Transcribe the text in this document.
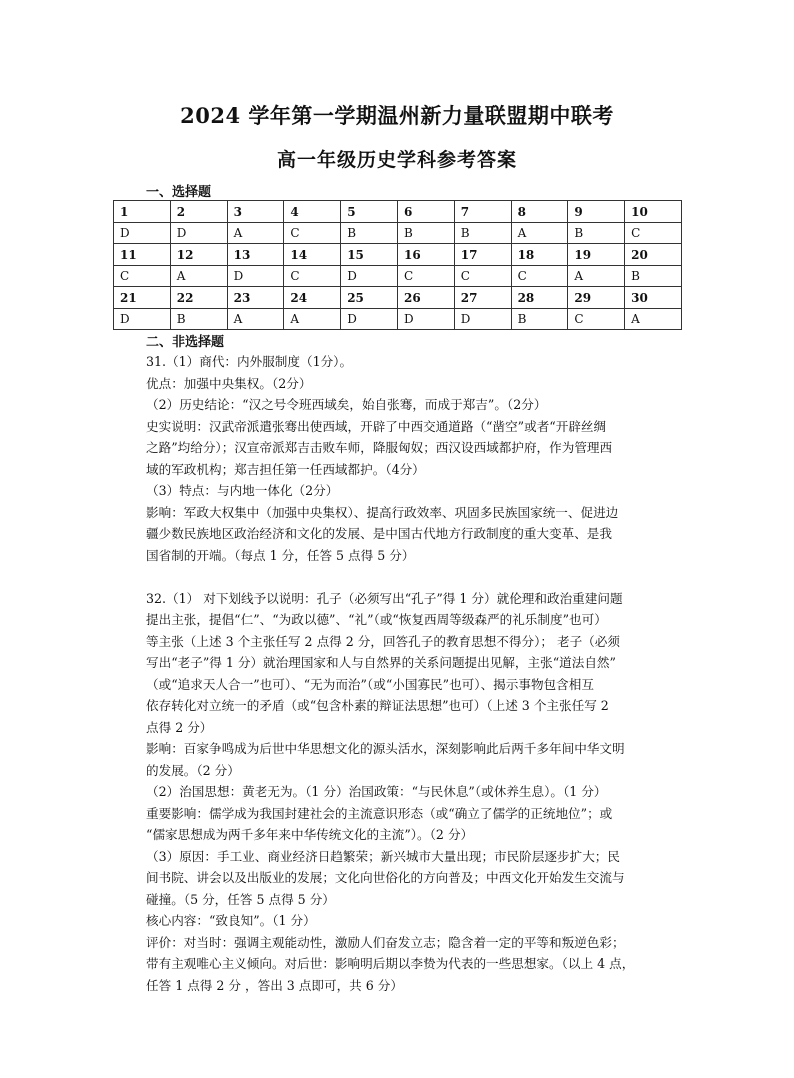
2024 学年第一学期温州新力量联盟期中联考
高一年级历史学科参考答案
一、选择题
1	2	3	4	5	6	7	8	9	10
D	D	A	C	B	B	B	A	B	C
11	12	13	14	15	16	17	18	19	20
C	A	D	C	D	C	C	C	A	B
21	22	23	24	25	26	27	28	29	30
D	B	A	A	D	D	D	B	C	A
二、非选择题

31.（1）商代：内外服制度（1分）。

优点：加强中央集权。（2分）

（2）历史结论：“汉之号令班西域矣，始自张骞，而成于郑吉”。（2分）

史实说明：汉武帝派遣张骞出使西域，开辟了中西交通道路（“凿空”或者“开辟丝绸

之路”均给分）；汉宣帝派郑吉击败车师，降服匈奴；西汉设西域都护府，作为管理西

域的军政机构；郑吉担任第一任西域都护。（4分）

（3）特点：与内地一体化（2分）

影响：军政大权集中（加强中央集权）、提高行政效率、巩固多民族国家统一、促进边

疆少数民族地区政治经济和文化的发展、是中国古代地方行政制度的重大变革、是我

国省制的开端。（每点 1 分，任答 5 点得 5 分）

32.（1） 对下划线予以说明：孔子（必须写出“孔子”得 1 分）就伦理和政治重建问题

提出主张，提倡“仁”、“为政以德”、“礼”（或“恢复西周等级森严的礼乐制度”也可）

等主张（上述 3 个主张任写 2 点得 2 分，回答孔子的教育思想不得分）； 老子（必须

写出“老子”得 1 分）就治理国家和人与自然界的关系问题提出见解，主张“道法自然”

（或“追求天人合一”也可）、“无为而治”（或“小国寡民”也可）、揭示事物包含相互

依存转化对立统一的矛盾（或“包含朴素的辩证法思想”也可）（上述 3 个主张任写 2

点得 2 分）

影响：百家争鸣成为后世中华思想文化的源头活水，深刻影响此后两千多年间中华文明

的发展。（2 分）

（2）治国思想：黄老无为。（1 分）治国政策：“与民休息”（或休养生息）。（1 分）

重要影响：儒学成为我国封建社会的主流意识形态（或“确立了儒学的正统地位”；或

“儒家思想成为两千多年来中华传统文化的主流”）。（2 分）

（3）原因：手工业、商业经济日趋繁荣；新兴城市大量出现；市民阶层逐步扩大；民

间书院、讲会以及出版业的发展；文化向世俗化的方向普及；中西文化开始发生交流与

碰撞。（5 分，任答 5 点得 5 分）

核心内容：“致良知”。（1 分）

评价：对当时：强调主观能动性，激励人们奋发立志；隐含着一定的平等和叛逆色彩；

带有主观唯心主义倾向。对后世：影响明后期以李贽为代表的一些思想家。（以上 4 点，

任答 1 点得 2 分 ，答出 3 点即可，共 6 分）
